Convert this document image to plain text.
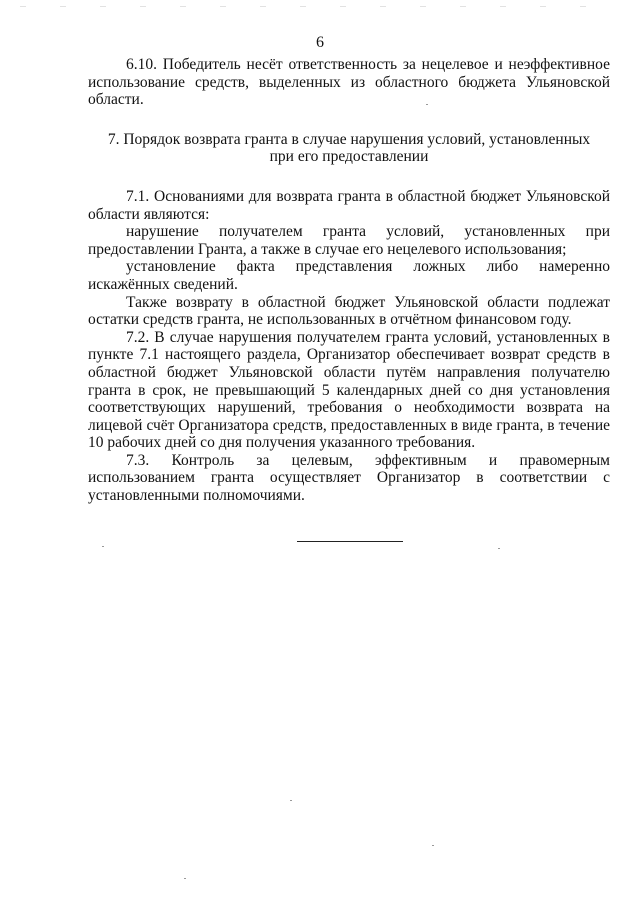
6

6.10. Победитель несёт ответственность за нецелевое и неэффективное использование средств, выделенных из областного бюджета Ульяновской области.

7. Порядок возврата гранта в случае нарушения условий, установленных
при его предоставлении

7.1. Основаниями для возврата гранта в областной бюджет Ульяновской области являются:

нарушение получателем гранта условий, установленных при предоставлении Гранта, а также в случае его нецелевого использования;

установление факта представления ложных либо намеренно искажённых сведений.

Также возврату в областной бюджет Ульяновской области подлежат остатки средств гранта, не использованных в отчётном финансовом году.

7.2. В случае нарушения получателем гранта условий, установленных в пункте 7.1 настоящего раздела, Организатор обеспечивает возврат средств в областной бюджет Ульяновской области путём направления получателю гранта в срок, не превышающий 5 календарных дней со дня установления соответствующих нарушений, требования о необходимости возврата на лицевой счёт Организатора средств, предоставленных в виде гранта, в течение 10 рабочих дней со дня получения указанного требования.

7.3. Контроль за целевым, эффективным и правомерным использованием гранта осуществляет Организатор в соответствии с установленными полномочиями.
